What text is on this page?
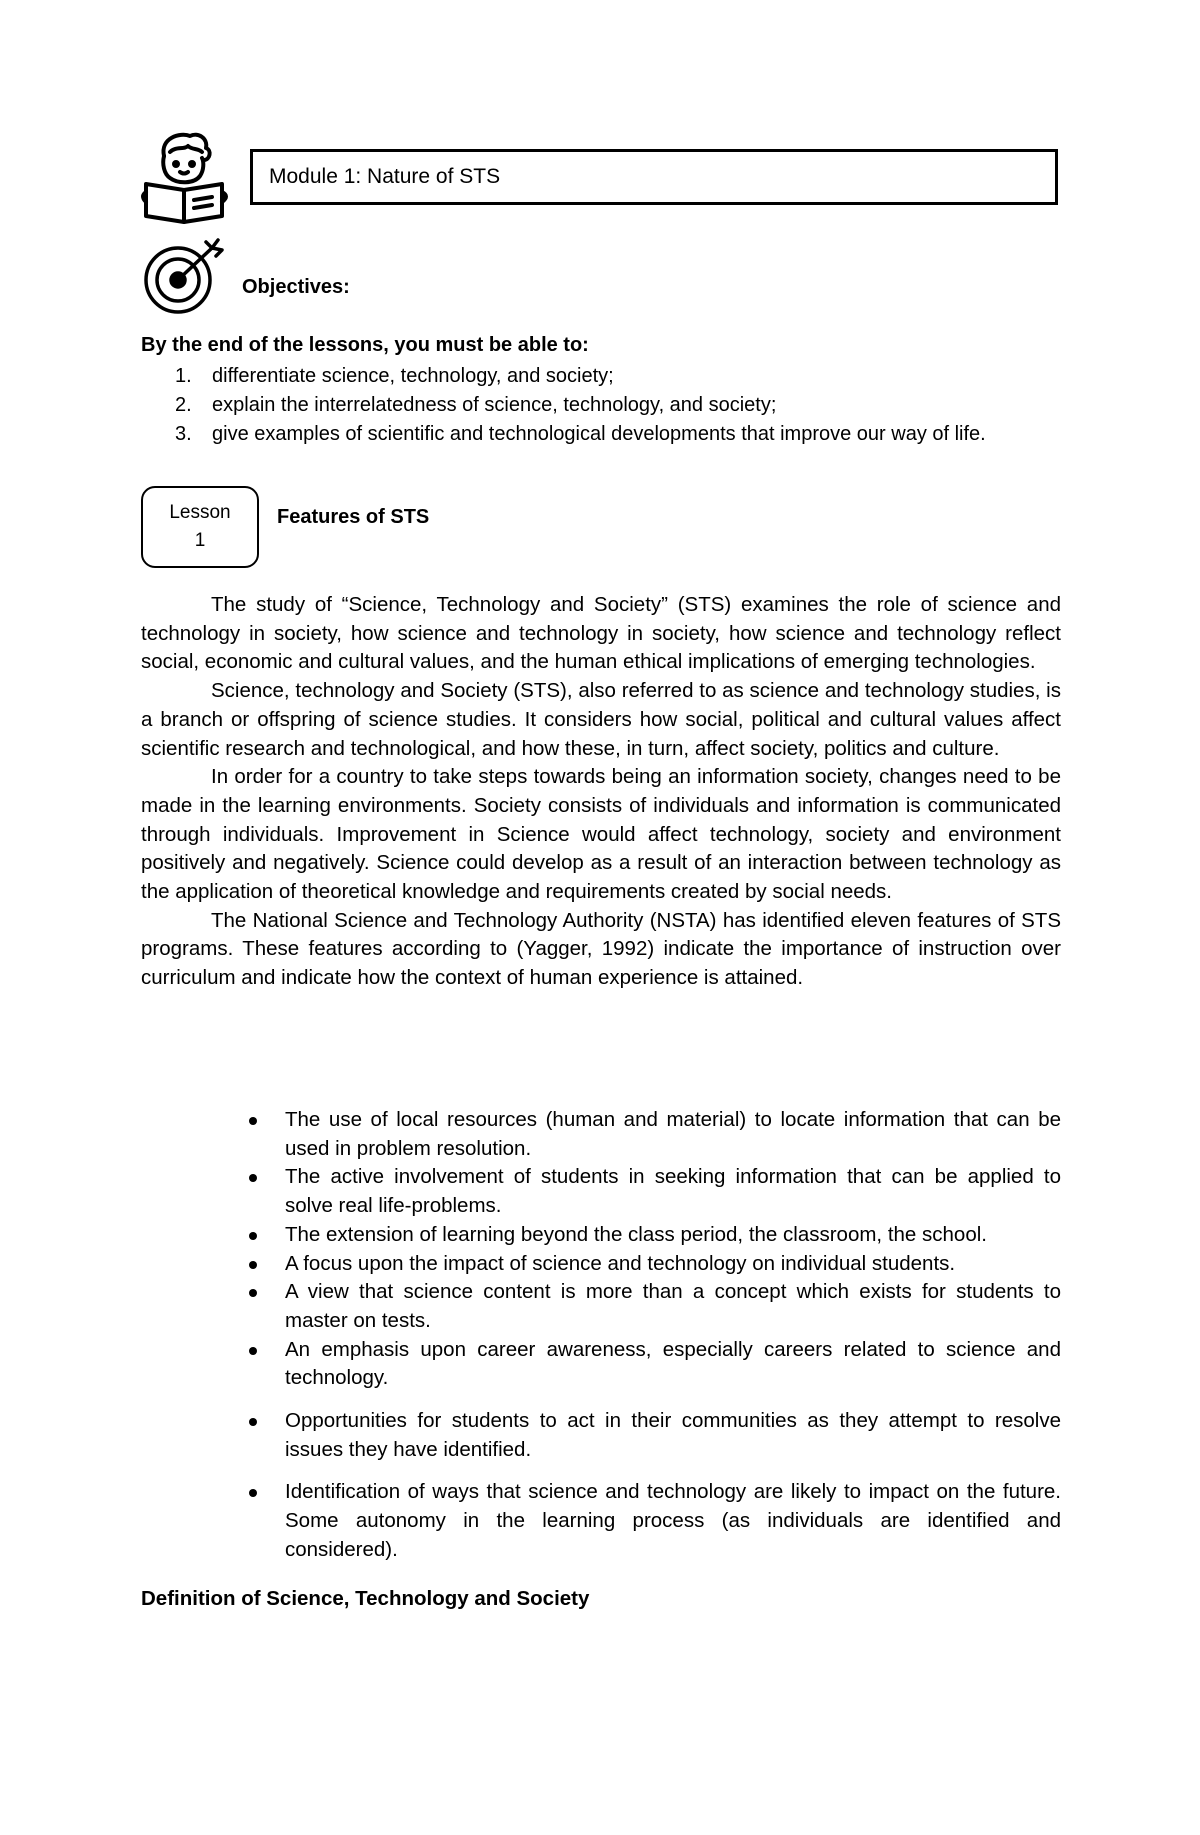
Module 1: Nature of STS
Objectives:
By the end of the lessons, you must be able to:
1.	differentiate science, technology, and society;
2.	explain the interrelatedness of science, technology, and society;
3.	give examples of scientific and technological developments that improve our way of life.
Lesson
1
Features of STS

The study of “Science, Technology and Society” (STS) examines the role of science and technology in society, how science and technology in society, how science and technology reflect social, economic and cultural values, and the human ethical implications of emerging technologies.

Science, technology and Society (STS), also referred to as science and technology studies, is a branch or offspring of science studies. It considers how social, political and cultural values affect scientific research and technological, and how these, in turn, affect society, politics and culture.

In order for a country to take steps towards being an information society, changes need to be made in the learning environments. Society consists of individuals and information is communicated through individuals. Improvement in Science would affect technology, society and environment positively and negatively. Science could develop as a result of an interaction between technology as the application of theoretical knowledge and requirements created by social needs.

The National Science and Technology Authority (NSTA) has identified eleven features of STS programs. These features according to (Yagger, 1992) indicate the importance of instruction over curriculum and indicate how the context of human experience is attained.

The use of local resources (human and material) to locate information that can be used in problem resolution.
The active involvement of students in seeking information that can be applied to solve real life-problems.
The extension of learning beyond the class period, the classroom, the school.
A focus upon the impact of science and technology on individual students.
A view that science content is more than a concept which exists for students to master on tests.
An emphasis upon career awareness, especially careers related to science and technology.
Opportunities for students to act in their communities as they attempt to resolve issues they have identified.
Identification of ways that science and technology are likely to impact on the future. Some autonomy in the learning process (as individuals are identified and considered).
Definition of Science, Technology and Society
